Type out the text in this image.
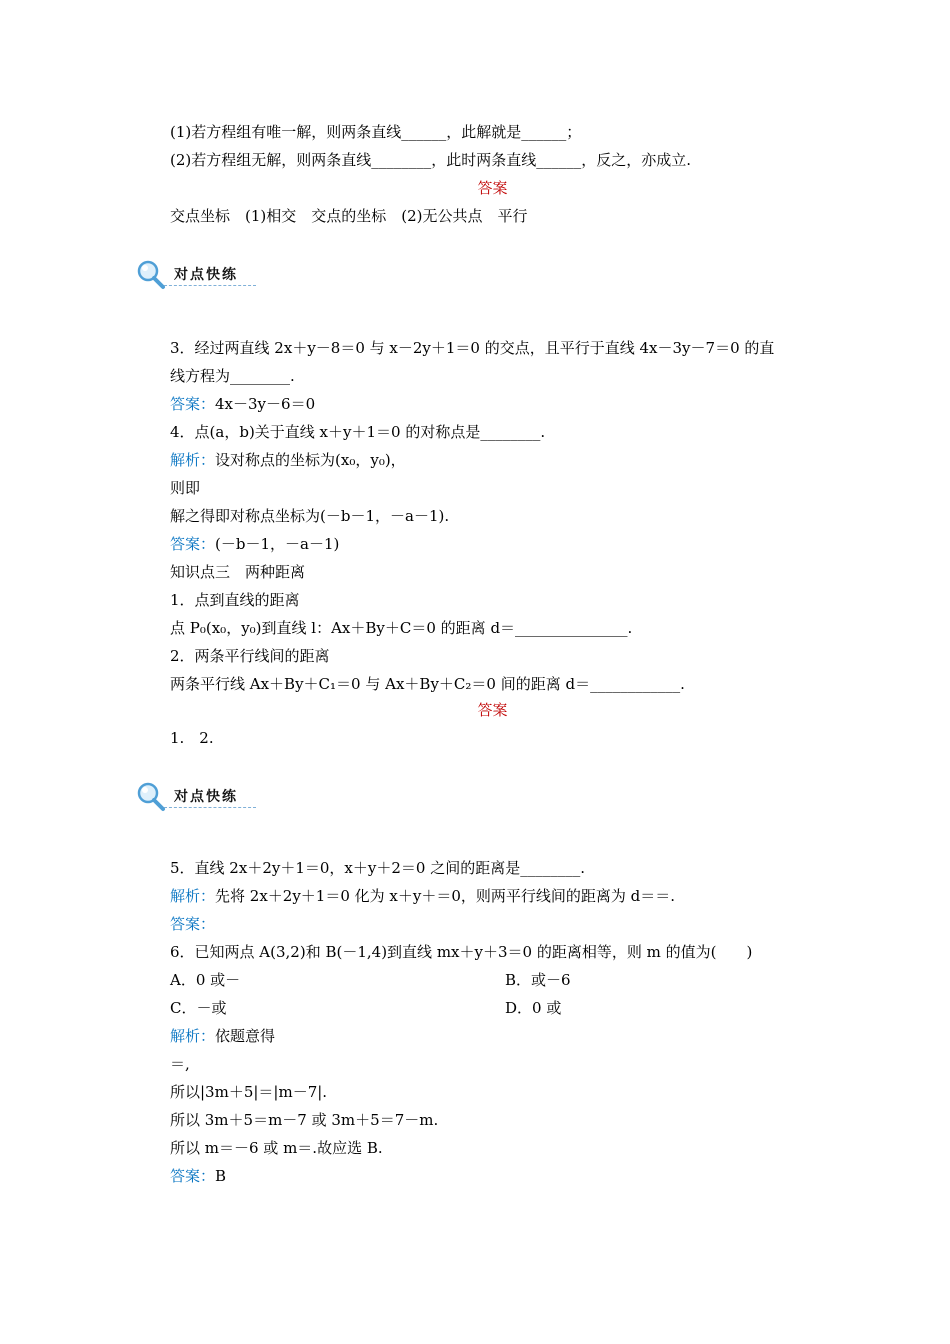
(1)若方程组有唯一解，则两条直线______，此解就是______；
(2)若方程组无解，则两条直线________，此时两条直线______，反之，亦成立.
答案
交点坐标　(1)相交　交点的坐标　(2)无公共点　平行
对点快练
3．经过两直线 2x＋y－8＝0 与 x－2y＋1＝0 的交点，且平行于直线 4x－3y－7＝0 的直
线方程为________.
答案：4x－3y－6＝0
4．点(a，b)关于直线 x＋y＋1＝0 的对称点是________.
解析：设对称点的坐标为(x₀，y₀)，
则即
解之得即对称点坐标为(－b－1，－a－1).
答案：(－b－1，－a－1)
知识点三　两种距离
1．点到直线的距离
点 P₀(x₀，y₀)到直线 l：Ax＋By＋C＝0 的距离 d＝_______________.
2．两条平行线间的距离
两条平行线 Ax＋By＋C₁＝0 与 Ax＋By＋C₂＝0 间的距离 d＝____________.
答案
1.　2.
对点快练
5．直线 2x＋2y＋1＝0，x＋y＋2＝0 之间的距离是________.
解析：先将 2x＋2y＋1＝0 化为 x＋y＋＝0，则两平行线间的距离为 d＝＝.
答案：
6．已知两点 A(3,2)和 B(－1,4)到直线 mx＋y＋3＝0 的距离相等，则 m 的值为(　　)
A．0 或－	B．或－6
C．－或	D．0 或
解析：依题意得
＝,
所以|3m＋5|＝|m－7|.
所以 3m＋5＝m－7 或 3m＋5＝7－m.
所以 m＝－6 或 m＝.故应选 B.
答案：B
